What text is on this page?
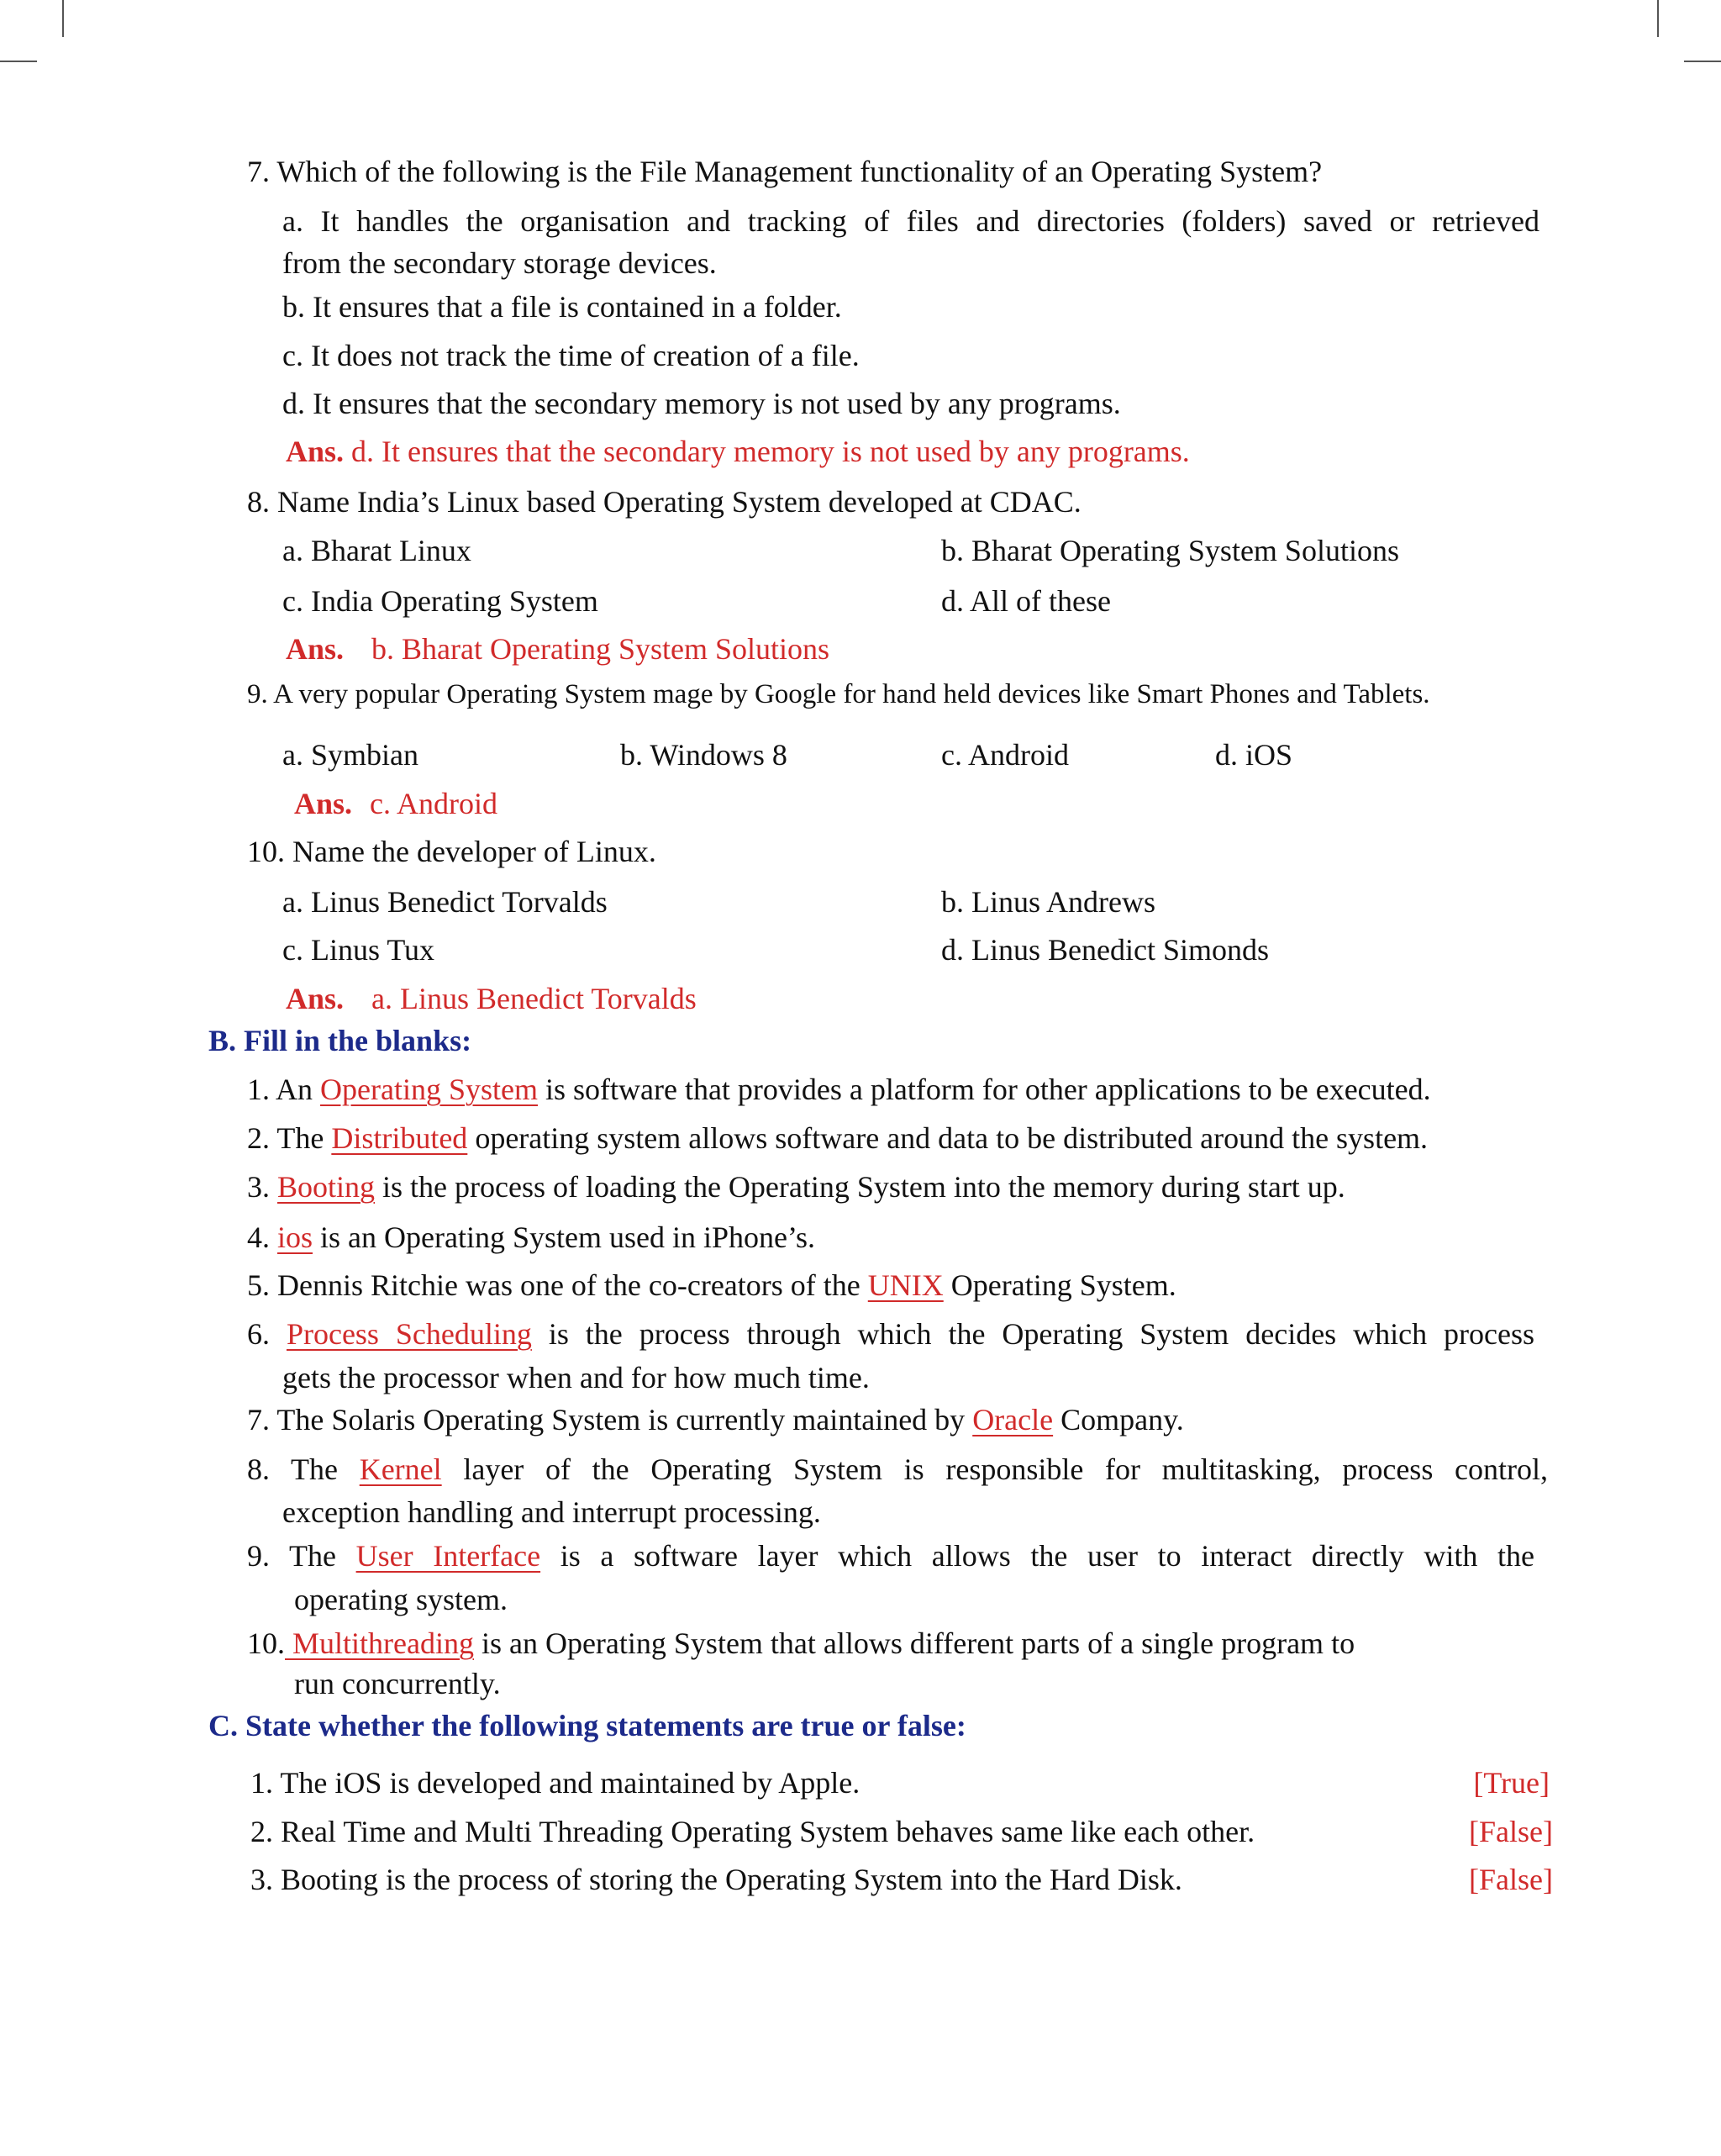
7. Which of the following is the File Management functionality of an Operating System?
a. It handles the organisation and tracking of files and directories (folders) saved or retrieved
from the secondary storage devices.
b. It ensures that a file is contained in a folder.
c. It does not track the time of creation of a file.
d. It ensures that the secondary memory is not used by any programs.
Ans. d. It ensures that the secondary memory is not used by any programs.
8. Name India’s Linux based Operating System developed at CDAC.
a. Bharat Linux	b. Bharat Operating System Solutions
c. India Operating System	d. All of these
Ans. b. Bharat Operating System Solutions
9. A very popular Operating System mage by Google for hand held devices like Smart Phones and Tablets.
a. Symbian	b. Windows 8	c. Android	d. iOS
Ans. c. Android
10. Name the developer of Linux.
a. Linus Benedict Torvalds	b. Linus Andrews
c. Linus Tux	d. Linus Benedict Simonds
Ans. a. Linus Benedict Torvalds
B. Fill in the blanks:
1. An Operating System is software that provides a platform for other applications to be executed.
2. The Distributed operating system allows software and data to be distributed around the system.
3. Booting is the process of loading the Operating System into the memory during start up.
4. ios is an Operating System used in iPhone’s.
5. Dennis Ritchie was one of the co-creators of the UNIX Operating System.
6. Process Scheduling is the process through which the Operating System decides which process
gets the processor when and for how much time.
7. The Solaris Operating System is currently maintained by Oracle Company.
8. The Kernel layer of the Operating System is responsible for multitasking, process control,
exception handling and interrupt processing.
9. The User Interface is a software layer which allows the user to interact directly with the
operating system.
10. Multithreading is an Operating System that allows different parts of a single program to
run concurrently.
C. State whether the following statements are true or false:
1. The iOS is developed and maintained by Apple.	[True]
2. Real Time and Multi Threading Operating System behaves same like each other.	[False]
3. Booting is the process of storing the Operating System into the Hard Disk.	[False]
